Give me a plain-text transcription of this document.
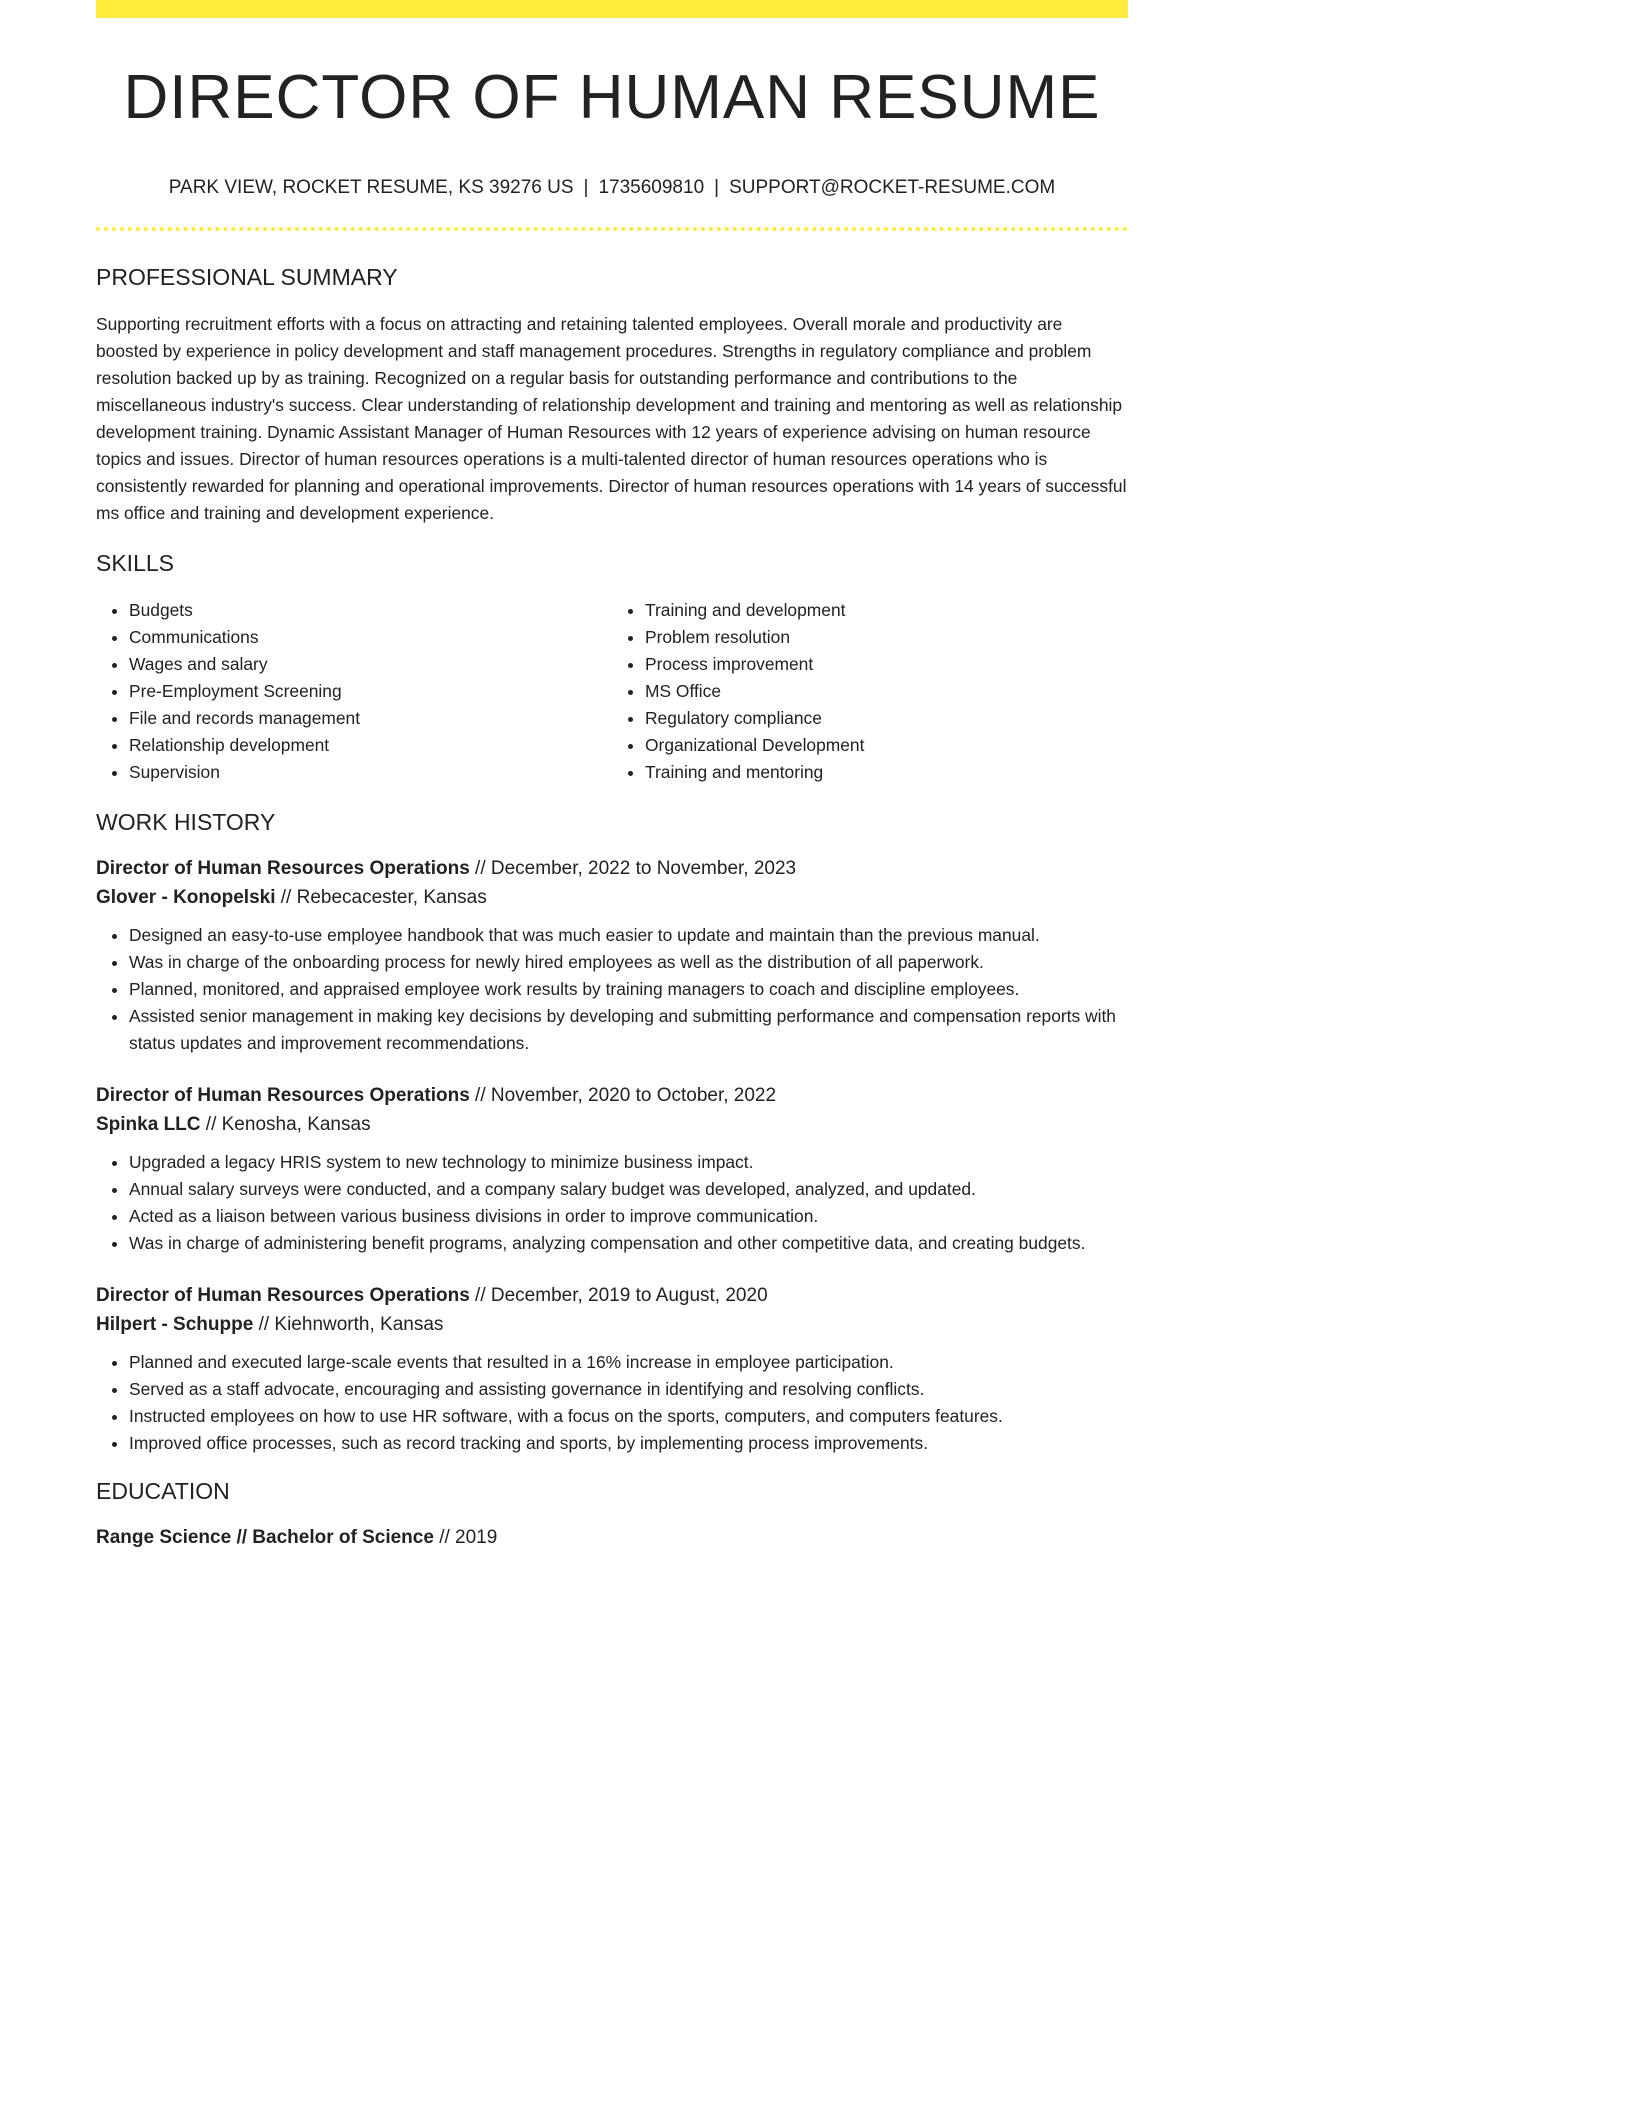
DIRECTOR OF HUMAN RESUME
PARK VIEW, ROCKET RESUME, KS 39276 US | 1735609810 | SUPPORT@ROCKET-RESUME.COM
PROFESSIONAL SUMMARY
Supporting recruitment efforts with a focus on attracting and retaining talented employees. Overall morale and productivity are boosted by experience in policy development and staff management procedures. Strengths in regulatory compliance and problem resolution backed up by as training. Recognized on a regular basis for outstanding performance and contributions to the miscellaneous industry's success. Clear understanding of relationship development and training and mentoring as well as relationship development training. Dynamic Assistant Manager of Human Resources with 12 years of experience advising on human resource topics and issues. Director of human resources operations is a multi-talented director of human resources operations who is consistently rewarded for planning and operational improvements. Director of human resources operations with 14 years of successful ms office and training and development experience.
SKILLS
• Budgets
• Communications
• Wages and salary
• Pre-Employment Screening
• File and records management
• Relationship development
• Supervision
• Training and development
• Problem resolution
• Process improvement
• MS Office
• Regulatory compliance
• Organizational Development
• Training and mentoring
WORK HISTORY
Director of Human Resources Operations // December, 2022 to November, 2023
Glover - Konopelski // Rebecacester, Kansas
• Designed an easy-to-use employee handbook that was much easier to update and maintain than the previous manual.
• Was in charge of the onboarding process for newly hired employees as well as the distribution of all paperwork.
• Planned, monitored, and appraised employee work results by training managers to coach and discipline employees.
• Assisted senior management in making key decisions by developing and submitting performance and compensation reports with status updates and improvement recommendations.
Director of Human Resources Operations // November, 2020 to October, 2022
Spinka LLC // Kenosha, Kansas
• Upgraded a legacy HRIS system to new technology to minimize business impact.
• Annual salary surveys were conducted, and a company salary budget was developed, analyzed, and updated.
• Acted as a liaison between various business divisions in order to improve communication.
• Was in charge of administering benefit programs, analyzing compensation and other competitive data, and creating budgets.
Director of Human Resources Operations // December, 2019 to August, 2020
Hilpert - Schuppe // Kiehnworth, Kansas
• Planned and executed large-scale events that resulted in a 16% increase in employee participation.
• Served as a staff advocate, encouraging and assisting governance in identifying and resolving conflicts.
• Instructed employees on how to use HR software, with a focus on the sports, computers, and computers features.
• Improved office processes, such as record tracking and sports, by implementing process improvements.
EDUCATION
Range Science // Bachelor of Science // 2019
